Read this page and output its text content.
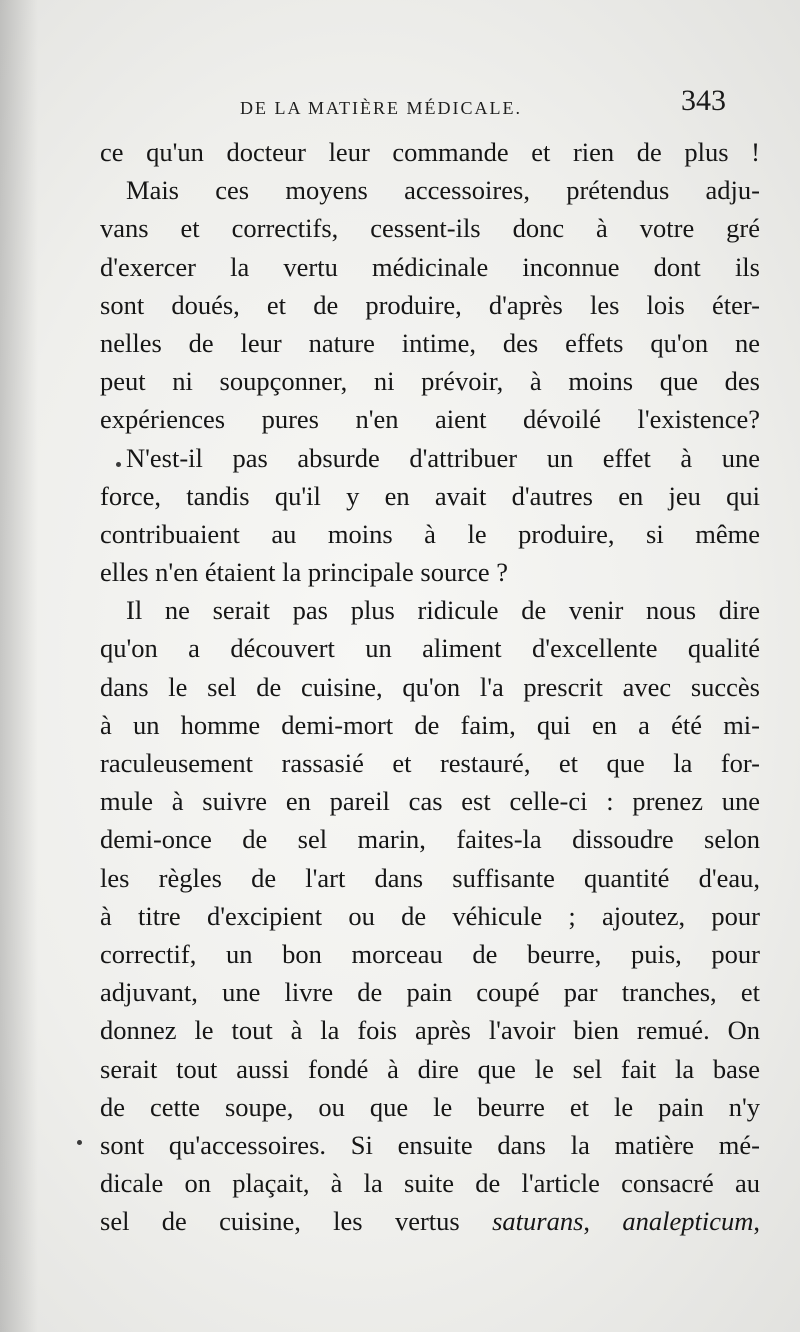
DE LA MATIÈRE MÉDICALE.	343
ce qu'un docteur leur commande et rien de plus !
Mais ces moyens accessoires, prétendus adju-
vans et correctifs, cessent-ils donc à votre gré
d'exercer la vertu médicinale inconnue dont ils
sont doués, et de produire, d'après les lois éter-
nelles de leur nature intime, des effets qu'on ne
peut ni soupçonner, ni prévoir, à moins que des
expériences pures n'en aient dévoilé l'existence?
N'est-il pas absurde d'attribuer un effet à une
force, tandis qu'il y en avait d'autres en jeu qui
contribuaient au moins à le produire, si même
elles n'en étaient la principale source ?
Il ne serait pas plus ridicule de venir nous dire
qu'on a découvert un aliment d'excellente qualité
dans le sel de cuisine, qu'on l'a prescrit avec succès
à un homme demi-mort de faim, qui en a été mi-
raculeusement rassasié et restauré, et que la for-
mule à suivre en pareil cas est celle-ci : prenez une
demi-once de sel marin, faites-la dissoudre selon
les règles de l'art dans suffisante quantité d'eau,
à titre d'excipient ou de véhicule ; ajoutez, pour
correctif, un bon morceau de beurre, puis, pour
adjuvant, une livre de pain coupé par tranches, et
donnez le tout à la fois après l'avoir bien remué. On
serait tout aussi fondé à dire que le sel fait la base
de cette soupe, ou que le beurre et le pain n'y
sont qu'accessoires. Si ensuite dans la matière mé-
dicale on plaçait, à la suite de l'article consacré au
sel de cuisine, les vertus saturans, analepticum,
